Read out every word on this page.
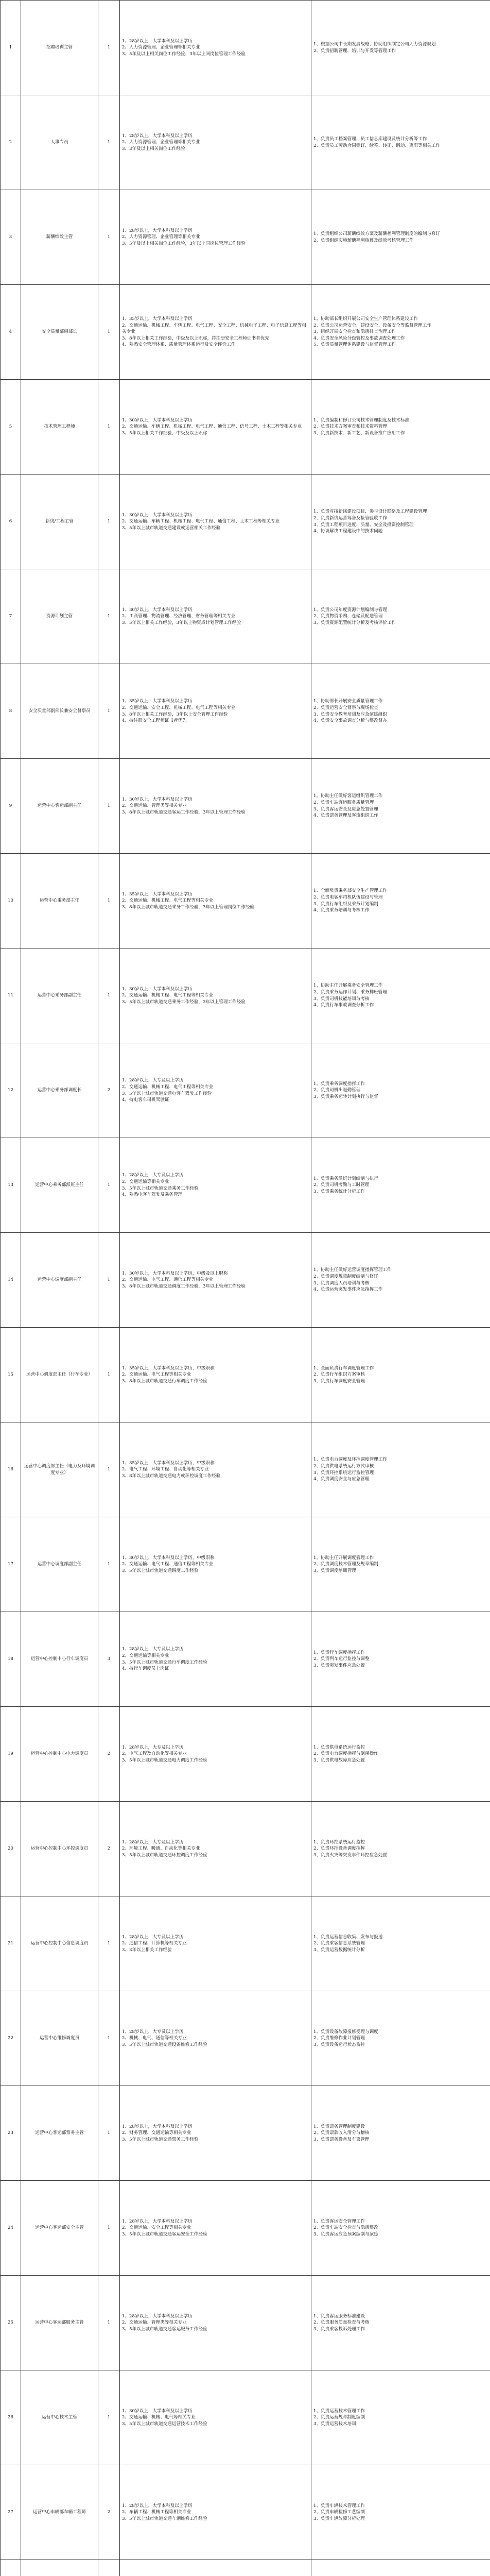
1	招聘培训主管	1	1、28岁以上，大学本科及以上学历
2、人力资源管理、企业管理等相关专业
3、5年及以上相关岗位工作经验，3年以上同岗位管理工作经验	1、根据公司中长期发展战略，协助组织制定公司人力资源规划
2、负责招聘管理、培训与开发等管理工作

2	人事专员	1	1、28岁以上，大学本科及以上学历
2、人力资源管理、企业管理等相关专业
3、3年及以上相关岗位工作经验	1、负责员工档案管理，员工信息库建设及统计分析等工作
2、负责员工劳动合同签订、续签、转正、调动、离职等相关工作

3	薪酬绩效主管	1	1、28岁以上，大学本科及以上学历
2、人力资源管理、企业管理等相关专业
3、5年及以上相关岗位工作经验，3年以上同岗位管理工作经验	1、负责组织公司薪酬绩效方案及薪酬福利管理制度的编制与修订
2、负责组织实施薪酬福利核算及绩效考核管理工作

4	安全质量部副部长	1	1、35岁以上，大学本科及以上学历
2、交通运输、机械工程、车辆工程、电气工程、安全工程、机械电子工程、电子信息工程等相关专业
3、8年以上相关工作经验，中级及以上职称，持注册安全工程师证书者优先
4、熟悉安全管理体系、质量管理体系运行及安全评价工作	1、协助部长组织开展公司安全生产管理体系建设工作
2、负责公司运营安全、建设安全、设备安全等监督管理工作
3、组织开展安全检查和隐患排查治理工作
4、负责安全风险分级管控及事故调查处理工作
5、负责质量管理体系建设与监督管理工作

5	技术管理工程师	1	1、30岁以上，大学本科及以上学历
2、交通运输、车辆工程、机械工程、电气工程、通信工程、信号工程、土木工程等相关专业
3、5年以上相关工作经验，中级及以上职称	1、负责编制和修订公司技术管理制度及技术标准
2、负责技术方案审查和技术资料管理
3、负责新技术、新工艺、新设备推广应用工作

6	新线/工程主管	1	1、30岁以上，大学本科及以上学历
2、交通运输、车辆工程、机械工程、电气工程、通信工程、土木工程等相关专业
3、5年以上城市轨道交通建设或运营相关工作经验	1、负责对接新线建设项目，参与设计联络及工程建设管理
2、负责新线运营筹备及接管验收工作
3、负责工程项目进度、质量、安全及投资控制管理
4、协调解决工程建设中的技术问题

7	资源计划主管	1	1、30岁以上，大学本科及以上学历
2、工商管理、物流管理、经济管理、财务管理等相关专业
3、5年以上相关工作经验，3年以上物资或计划管理工作经验	1、负责公司年度资源计划编制与管理
2、负责物资采购、仓储及配送管理
3、负责资源配置统计分析及考核评价工作

8	安全质量部副部长兼安全督察员	1	1、35岁以上，大学本科及以上学历
2、交通运输、安全工程、机械工程、电气工程等相关专业
3、8年以上相关工作经验，3年以上安全管理工作经验
4、持注册安全工程师证书者优先	1、协助部长开展安全质量管理工作
2、负责运营安全督察与现场检查
3、负责安全教育培训及应急演练组织
4、负责安全事故调查分析与整改督办

9	运营中心客运部副主任	1	1、30岁以上，大学本科及以上学历
2、交通运输、管理类等相关专业
3、8年以上城市轨道交通客运工作经验，3年以上管理工作经验	1、协助主任做好客运组织管理工作
2、负责车站客运服务质量管理
3、负责客运安全及应急处置管理
4、负责票务管理及客流组织工作

10	运营中心乘务部主任	1	1、35岁以上，大学本科及以上学历
2、交通运输、机械工程、电气工程等相关专业
3、8年以上城市轨道交通乘务工作经验，3年以上管理岗位工作经验	1、全面负责乘务部安全生产管理工作
2、负责电客车司机队伍建设与管理
3、负责行车组织及乘务计划编制
4、负责乘务培训与考核工作

11	运营中心乘务部副主任	1	1、30岁以上，大学本科及以上学历
2、交通运输、机械工程、电气工程等相关专业
3、5年以上城市轨道交通乘务工作经验，3年以上管理工作经验	1、协助主任开展乘务安全管理工作
2、负责乘务运作计划、乘务排班管理
3、负责司机技能培训与考核
4、负责行车事故调查分析工作

12	运营中心乘务部调度长	2	1、28岁以上，大专及以上学历
2、交通运输、机械工程、电气工程等相关专业
3、5年以上城市轨道交通电客车驾驶工作经验
4、持电客车司机驾驶证	1、负责乘务调度指挥工作
2、负责司机出退勤管理
3、负责乘务运转计划执行与监督

13	运营中心乘务部派班主任	1	1、28岁以上，大专及以上学历
2、交通运输等相关专业
3、5年以上城市轨道交通乘务工作经验
4、熟悉电客车驾驶及乘务管理	1、负责乘务派班计划编制与执行
2、负责司机考勤与工时管理
3、负责乘务统计分析工作

14	运营中心调度部副主任	1	1、30岁以上，大学本科及以上学历，中级及以上职称
2、交通运输、电气工程、通信工程等相关专业
3、8年以上城市轨道交通调度工作经验，3年以上管理工作经验	1、协助主任做好运营调度指挥管理工作
2、负责调度规章制度编制与修订
3、负责调度人员培训与考核
4、负责运营突发事件应急指挥工作

15	运营中心调度部主任（行车专业）	1	1、35岁以上，大学本科及以上学历，中级职称
2、交通运输、电气工程等相关专业
3、8年以上城市轨道交通行车调度工作经验	1、全面负责行车调度管理工作
2、负责行车组织方案审核
3、负责行车调度安全管理

16	运营中心调度部主任（电力及环境调度专业）	1	1、35岁以上，大学本科及以上学历，中级职称
2、电气工程、环境工程、自动化等相关专业
3、8年以上城市轨道交通电力或环控调度工作经验	1、负责电力调度及环控调度管理工作
2、负责供电系统运行方式审核
3、负责环控系统运行监控管理
4、负责调度安全与应急管理

17	运营中心调度部副主任	1	1、30岁以上，大学本科及以上学历，中级职称
2、交通运输、电气工程、通信工程等相关专业
3、5年以上城市轨道交通调度工作经验	1、协助主任开展调度管理工作
2、负责调度技术管理及规章编制
3、负责调度培训管理

18	运营中心控制中心行车调度员	3	1、28岁以上，大专及以上学历
2、交通运输等相关专业
3、5年以上城市轨道交通行车调度工作经验
4、持行车调度员上岗证	1、负责行车调度指挥工作
2、负责列车运行监控与调整
3、负责突发事件应急处置

19	运营中心控制中心电力调度员	2	1、28岁以上，大专及以上学历
2、电气工程及自动化等相关专业
3、5年以上城市轨道交通电力调度工作经验	1、负责供电系统运行监控
2、负责电力调度指挥与倒闸操作
3、负责供电故障应急处置

20	运营中心控制中心环控调度员	2	1、28岁以上，大专及以上学历
2、环境工程、暖通、自动化等相关专业
3、5年以上城市轨道交通环控调度工作经验	1、负责环控系统运行监控
2、负责环控设备调度指挥
3、负责火灾等突发事件环控应急处置

21	运营中心控制中心信息调度员	1	1、28岁以上，大专及以上学历
2、通信工程、计算机等相关专业
3、3年以上相关工作经验	1、负责运营信息收集、发布与报送
2、负责乘客信息系统管理
3、负责运营数据统计分析

22	运营中心维修调度员	1	1、28岁以上，大专及以上学历
2、机械、电气、通信等相关专业
3、5年以上城市轨道交通设备维修工作经验	1、负责设备故障报修受理与调度
2、负责维修作业计划管理
3、负责设备运行状态监控

23	运营中心客运部票务主管	1	1、28岁以上，大学本科及以上学历
2、财务管理、交通运输等相关专业
3、5年以上城市轨道交通票务工作经验	1、负责票务管理制度建设
2、负责票款收入清分与稽核
3、负责票务设备及车票管理

24	运营中心客运部安全主管	1	1、28岁以上，大学本科及以上学历
2、交通运输、安全工程等相关专业
3、5年以上城市轨道交通客运安全工作经验	1、负责客运安全管理工作
2、负责车站安全检查与隐患整改
3、负责客运应急预案编制与演练

25	运营中心客运部服务主管	1	1、28岁以上，大学本科及以上学历
2、交通运输、管理类等相关专业
3、5年以上城市轨道交通客运服务工作经验	1、负责客运服务标准建设
2、负责服务质量检查与考核
3、负责乘客投诉处理工作

26	运营中心技术主管	1	1、30岁以上，大学本科及以上学历
2、交通运输、机械、电气等相关专业
3、5年以上城市轨道交通运营技术工作经验	1、负责运营技术管理工作
2、负责运营规章制度编制
3、负责运营技术培训

27	运营中心车辆部车辆工程师	2	1、28岁以上，大学本科及以上学历
2、车辆工程、机械工程等相关专业
3、5年以上城市轨道交通车辆维修工作经验	1、负责车辆技术管理工作
2、负责车辆检修工艺编制
3、负责车辆故障分析处理
